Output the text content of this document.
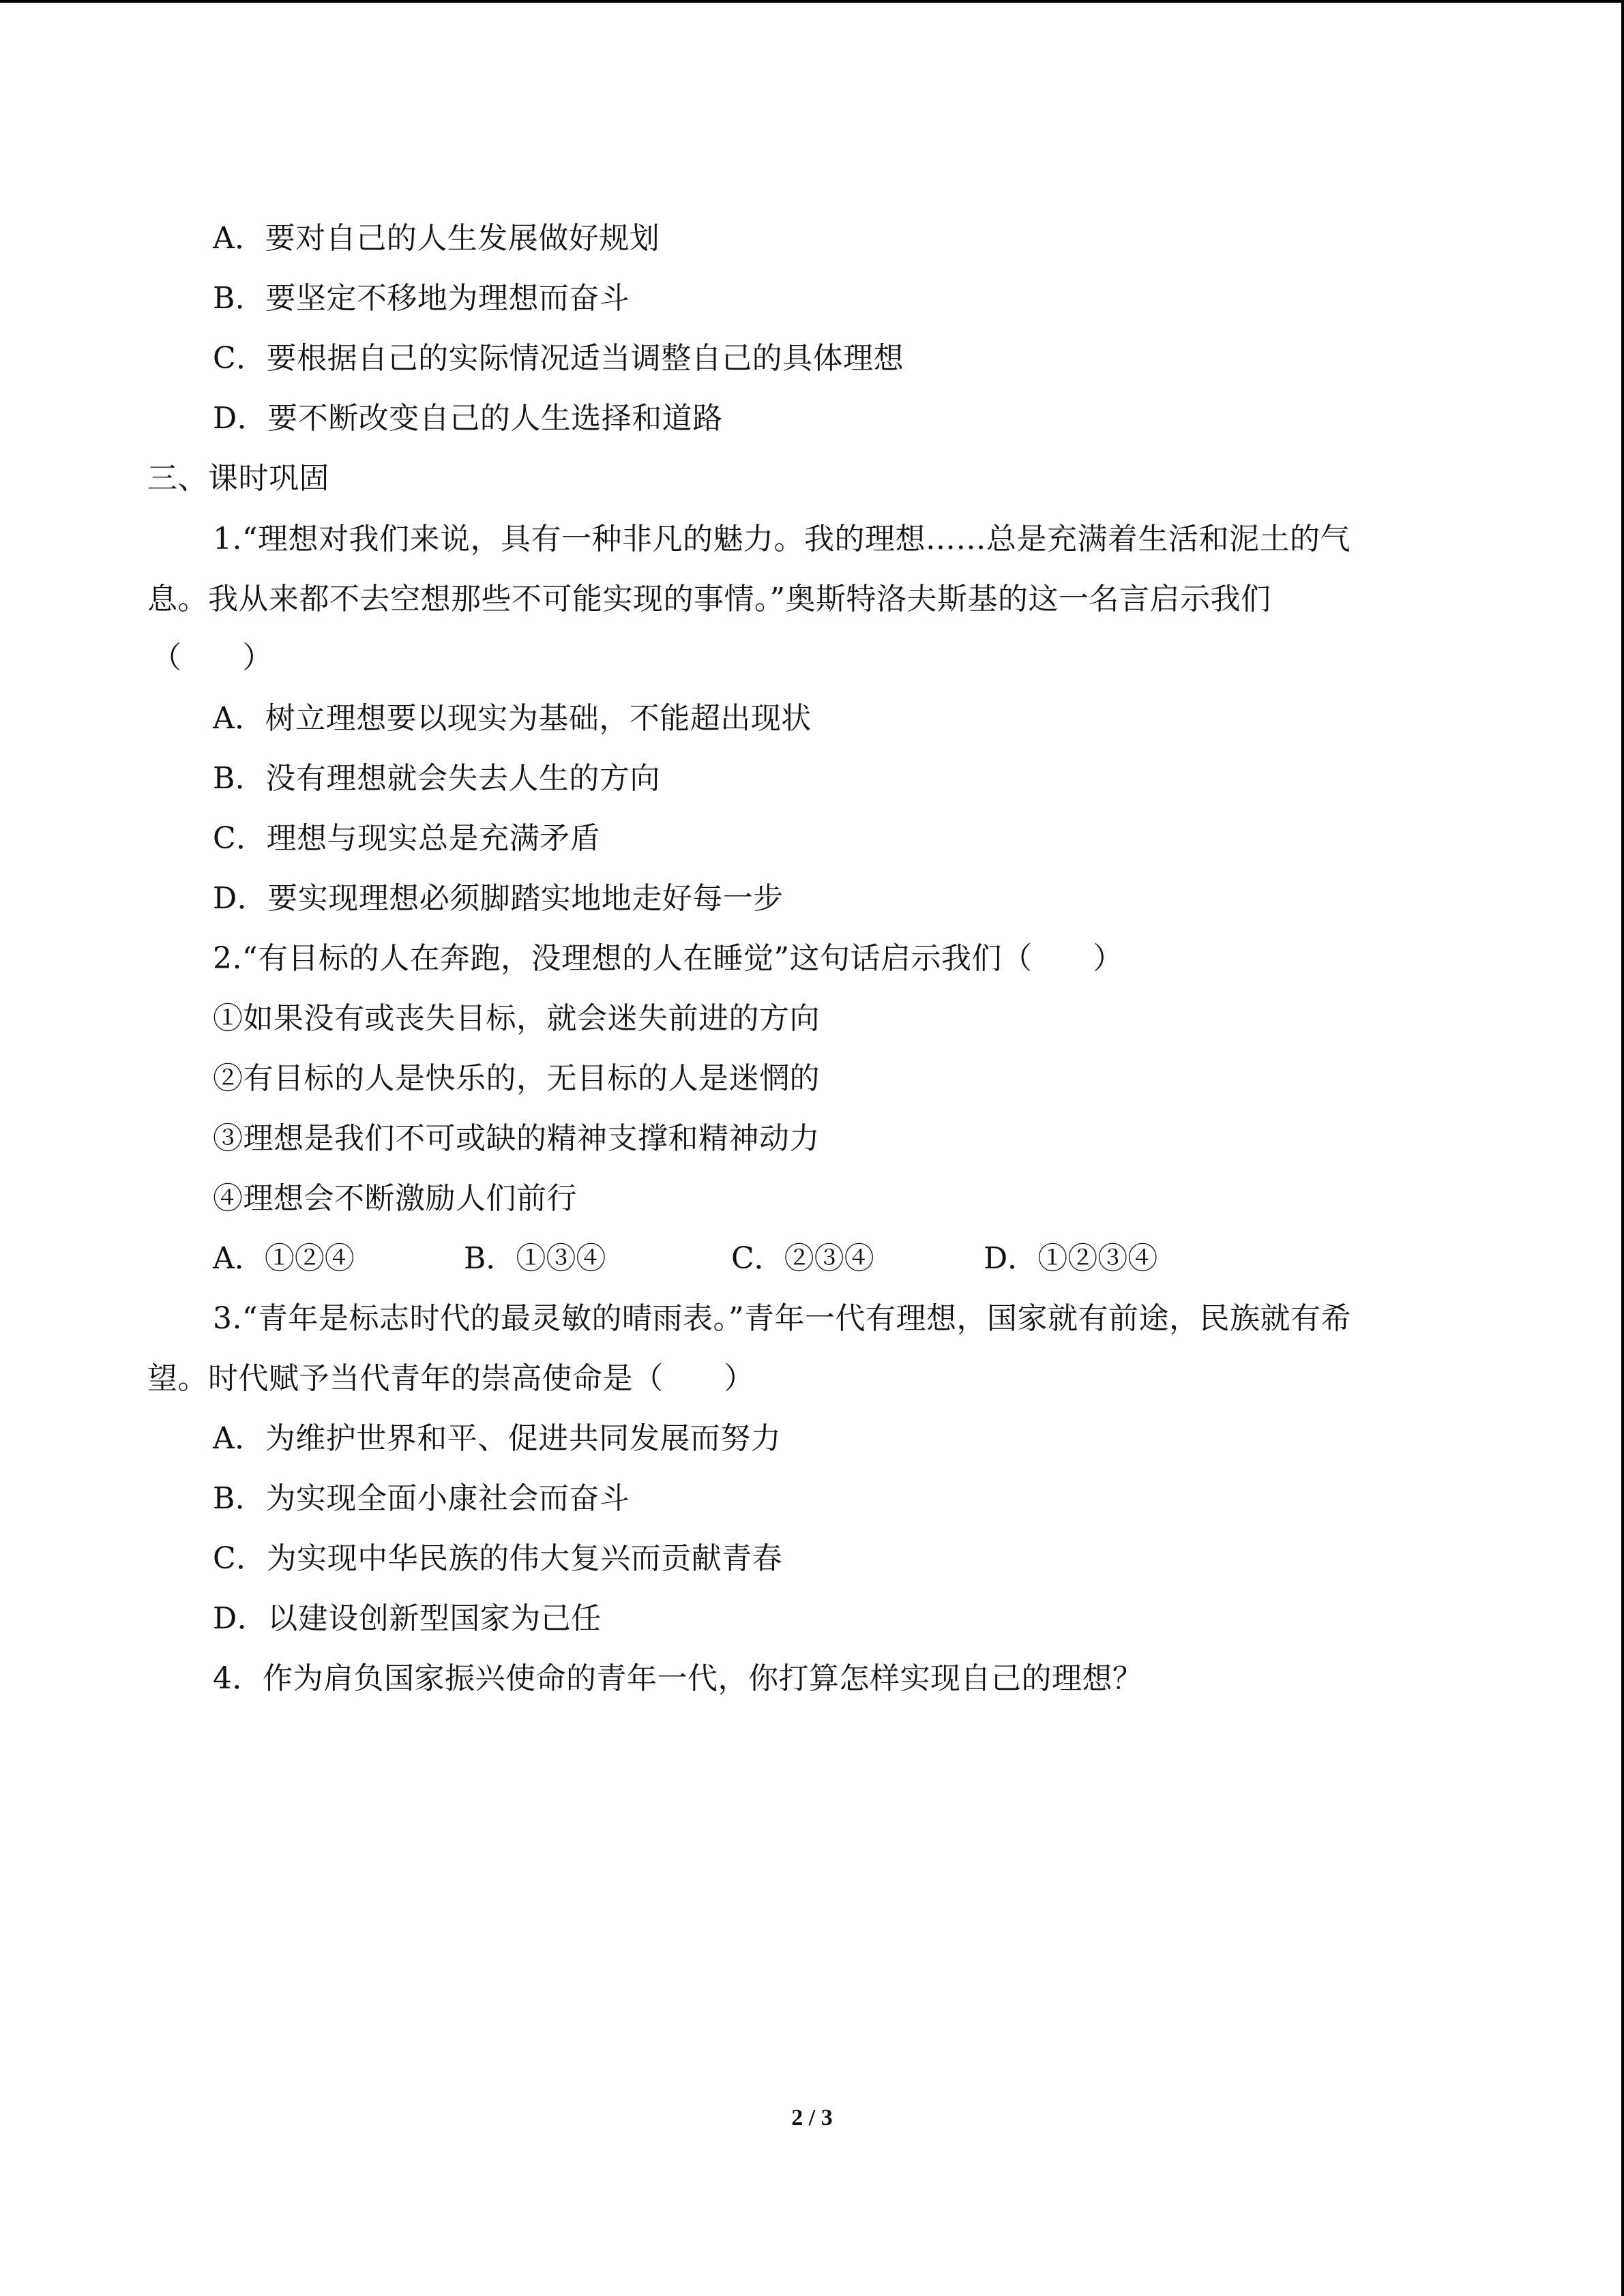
A．要对自己的人生发展做好规划
B．要坚定不移地为理想而奋斗
C．要根据自己的实际情况适当调整自己的具体理想
D．要不断改变自己的人生选择和道路
三、课时巩固
1.“理想对我们来说，具有一种非凡的魅力。我的理想……总是充满着生活和泥土的气
息。我从来都不去空想那些不可能实现的事情。”奥斯特洛夫斯基的这一名言启示我们
（　　）
A．树立理想要以现实为基础，不能超出现状
B．没有理想就会失去人生的方向
C．理想与现实总是充满矛盾
D．要实现理想必须脚踏实地地走好每一步
2.“有目标的人在奔跑，没理想的人在睡觉”这句话启示我们（　　）
①如果没有或丧失目标，就会迷失前进的方向
②有目标的人是快乐的，无目标的人是迷惘的
③理想是我们不可或缺的精神支撑和精神动力
④理想会不断激励人们前行
A．①②④	B．①③④	C．②③④	D．①②③④
3.“青年是标志时代的最灵敏的晴雨表。”青年一代有理想，国家就有前途，民族就有希
望。时代赋予当代青年的崇高使命是（　　）
A．为维护世界和平、促进共同发展而努力
B．为实现全面小康社会而奋斗
C．为实现中华民族的伟大复兴而贡献青春
D．以建设创新型国家为己任
4．作为肩负国家振兴使命的青年一代，你打算怎样实现自己的理想？
2 / 3
